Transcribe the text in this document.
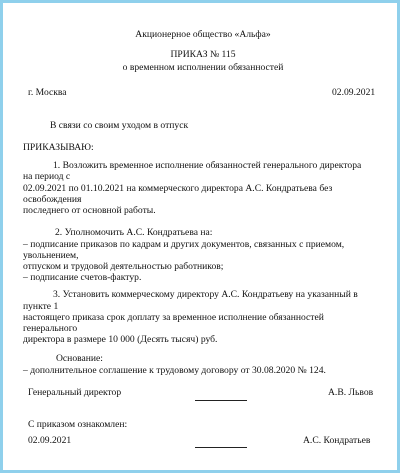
Акционерное общество «Альфа»

ПРИКАЗ № 115

о временном исполнении обязанностей

г. Москва	02.09.2021

В связи со своим уходом в отпуск

ПРИКАЗЫВАЮ:

1. Возложить временное исполнение обязанностей генерального директора

на период с

02.09.2021 по 01.10.2021 на коммерческого директора А.С. Кондратьева без

освобождения

последнего от основной работы.

2. Уполномочить А.С. Кондратьева на:

– подписание приказов по кадрам и других документов, связанных с приемом,

увольнением,

отпуском и трудовой деятельностью работников;

– подписание счетов-фактур.

3. Установить коммерческому директору А.С. Кондратьеву на указанный в

пункте 1

настоящего приказа срок доплату за временное исполнение обязанностей

генерального

директора в размере 10 000 (Десять тысяч) руб.

Основание:

– дополнительное соглашение к трудовому договору от 30.08.2020 № 124.

Генеральный директор	А.В. Львов

С приказом ознакомлен:

02.09.2021	А.С. Кондратьев
